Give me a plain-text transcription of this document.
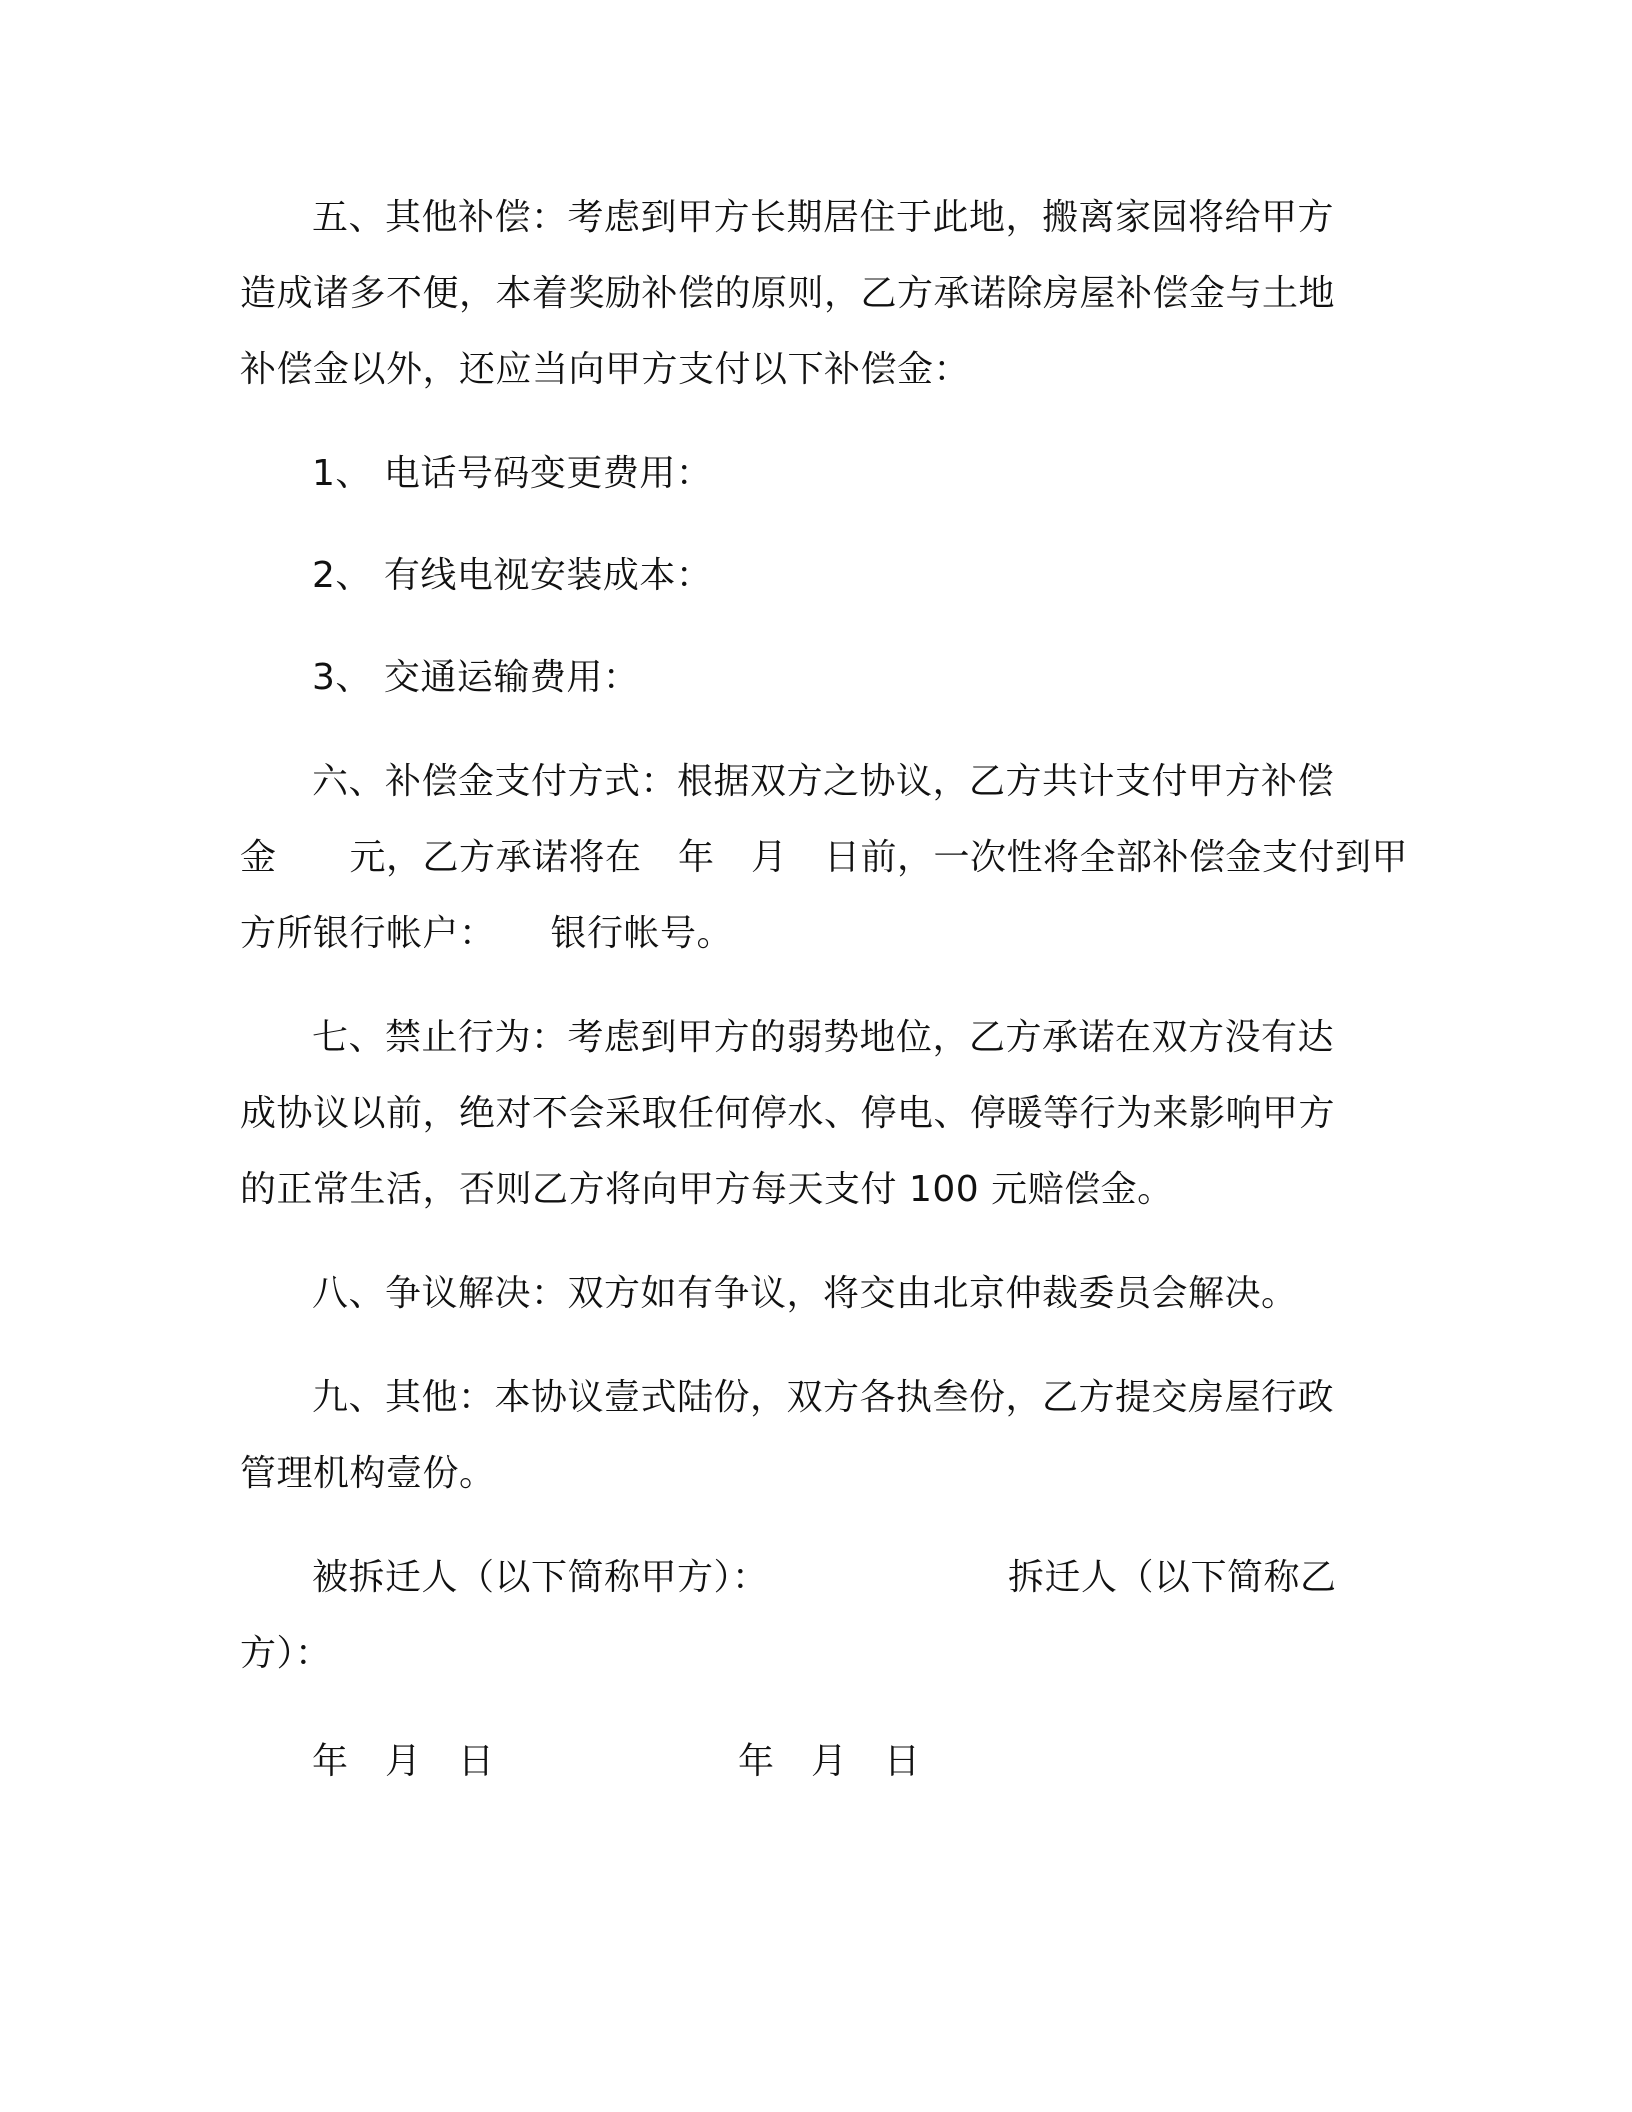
五、其他补偿：考虑到甲方长期居住于此地，搬离家园将给甲方
造成诸多不便，本着奖励补偿的原则，乙方承诺除房屋补偿金与土地
补偿金以外，还应当向甲方支付以下补偿金：
1、 电话号码变更费用：
2、 有线电视安装成本：
3、 交通运输费用：
六、补偿金支付方式：根据双方之协议，乙方共计支付甲方补偿
金　　元，乙方承诺将在　年　月　日前，一次性将全部补偿金支付到甲
方所银行帐户：　　银行帐号。
七、禁止行为：考虑到甲方的弱势地位，乙方承诺在双方没有达
成协议以前，绝对不会采取任何停水、停电、停暖等行为来影响甲方
的正常生活，否则乙方将向甲方每天支付 100 元赔偿金。
八、争议解决：双方如有争议，将交由北京仲裁委员会解决。
九、其他：本协议壹式陆份，双方各执叁份，乙方提交房屋行政
管理机构壹份。
被拆迁人（以下简称甲方）：	拆迁人（以下简称乙
方）：
年　月　日	年　月　日
